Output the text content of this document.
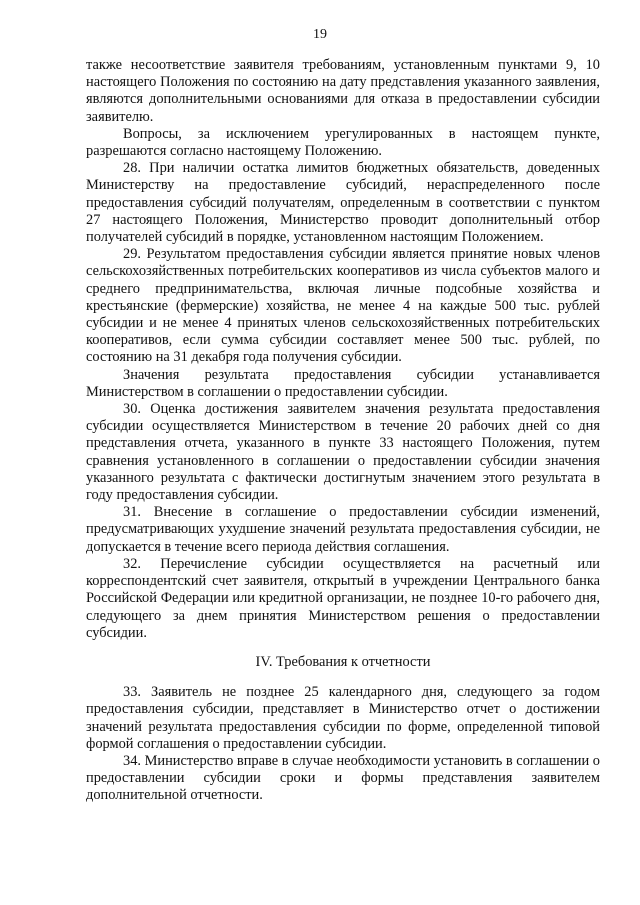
19

также несоответствие заявителя требованиям, установленным пунктами 9, 10 настоящего Положения по состоянию на дату представления указанного заявления, являются дополнительными основаниями для отказа в предоставлении субсидии заявителю.

Вопросы, за исключением урегулированных в настоящем пункте, разрешаются согласно настоящему Положению.

28. При наличии остатка лимитов бюджетных обязательств, доведенных Министерству на предоставление субсидий, нераспределенного после предоставления субсидий получателям, определенным в соответствии с пунктом 27 настоящего Положения, Министерство проводит дополнительный отбор получателей субсидий в порядке, установленном настоящим Положением.

29. Результатом предоставления субсидии является принятие новых членов сельскохозяйственных потребительских кооперативов из числа субъектов малого и среднего предпринимательства, включая личные подсобные хозяйства и крестьянские (фермерские) хозяйства, не менее 4 на каждые 500 тыс. рублей субсидии и не менее 4 принятых членов сельскохозяйственных потребительских кооперативов, если сумма субсидии составляет менее 500 тыс. рублей, по состоянию на 31 декабря года получения субсидии.

Значения результата предоставления субсидии устанавливается Министерством в соглашении о предоставлении субсидии.

30. Оценка достижения заявителем значения результата предоставления субсидии осуществляется Министерством в течение 20 рабочих дней со дня представления отчета, указанного в пункте 33 настоящего Положения, путем сравнения установленного в соглашении о предоставлении субсидии значения указанного результата с фактически достигнутым значением этого результата в году предоставления субсидии.

31. Внесение в соглашение о предоставлении субсидии изменений, предусматривающих ухудшение значений результата предоставления субсидии, не допускается в течение всего периода действия соглашения.

32. Перечисление субсидии осуществляется на расчетный или корреспондентский счет заявителя, открытый в учреждении Центрального банка Российской Федерации или кредитной организации, не позднее 10-го рабочего дня, следующего за днем принятия Министерством решения о предоставлении субсидии.

IV. Требования к отчетности

33. Заявитель не позднее 25 календарного дня, следующего за годом предоставления субсидии, представляет в Министерство отчет о достижении значений результата предоставления субсидии по форме, определенной типовой формой соглашения о предоставлении субсидии.

34. Министерство вправе в случае необходимости установить в соглашении о предоставлении субсидии сроки и формы представления заявителем дополнительной отчетности.
